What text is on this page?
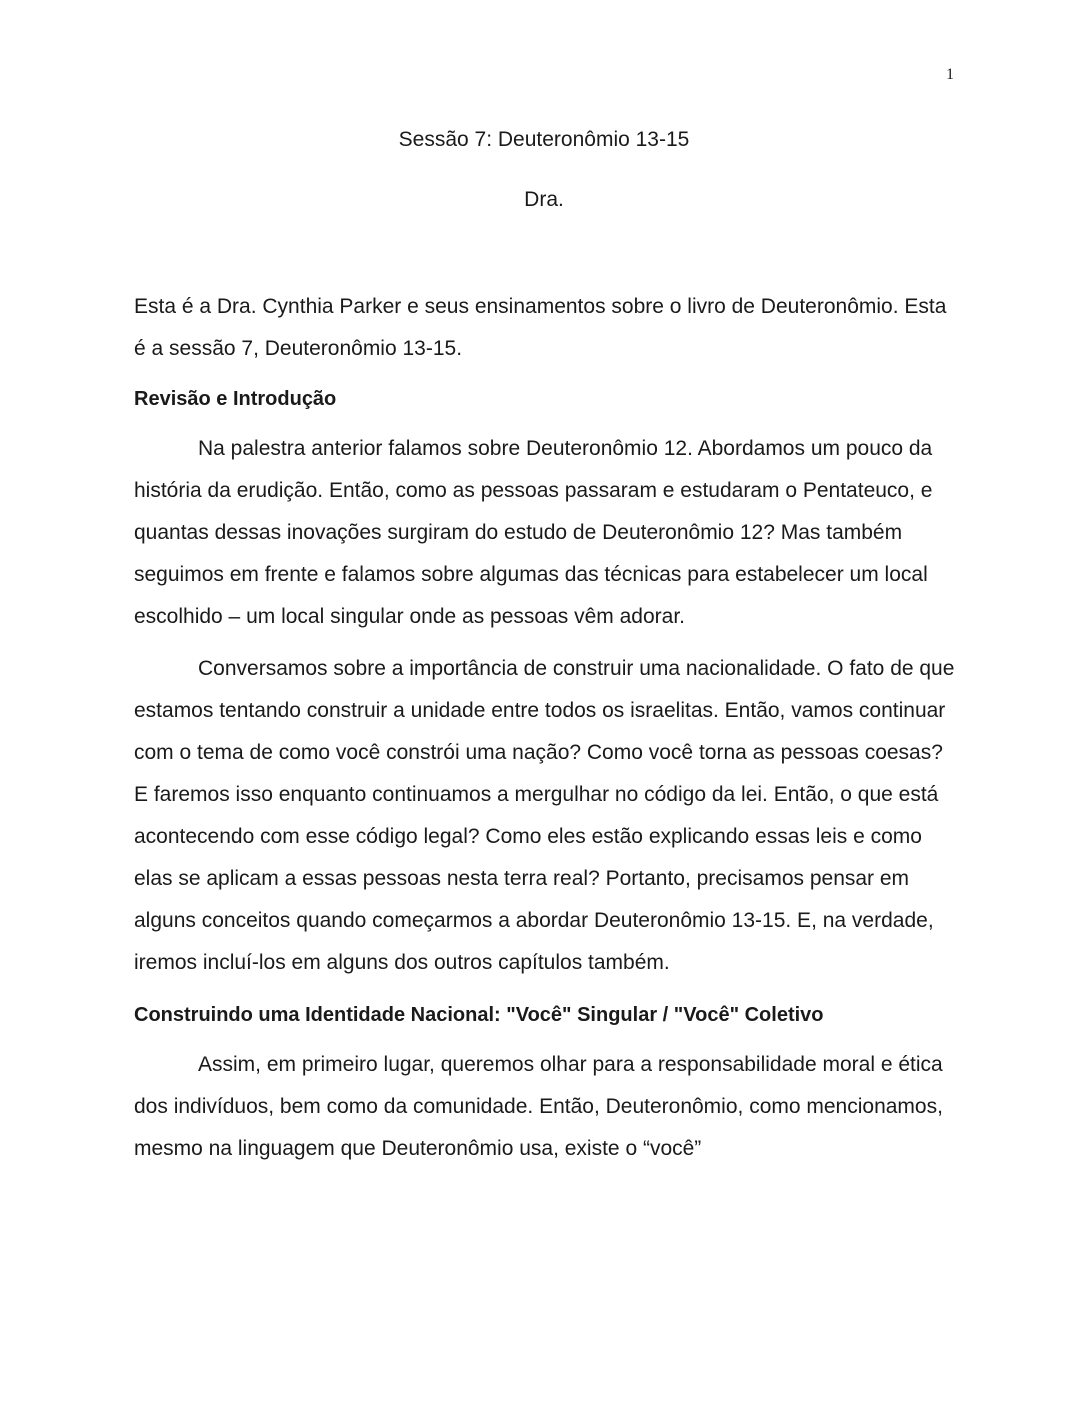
1
Sessão 7: Deuteronômio 13-15
Dra.

Esta é a Dra. Cynthia Parker e seus ensinamentos sobre o livro de Deuteronômio. Esta é a sessão 7, Deuteronômio 13-15.

Revisão e Introdução

Na palestra anterior falamos sobre Deuteronômio 12. Abordamos um pouco da história da erudição. Então, como as pessoas passaram e estudaram o Pentateuco, e quantas dessas inovações surgiram do estudo de Deuteronômio 12? Mas também seguimos em frente e falamos sobre algumas das técnicas para estabelecer um local escolhido – um local singular onde as pessoas vêm adorar.

Conversamos sobre a importância de construir uma nacionalidade. O fato de que estamos tentando construir a unidade entre todos os israelitas. Então, vamos continuar com o tema de como você constrói uma nação? Como você torna as pessoas coesas? E faremos isso enquanto continuamos a mergulhar no código da lei. Então, o que está acontecendo com esse código legal? Como eles estão explicando essas leis e como elas se aplicam a essas pessoas nesta terra real? Portanto, precisamos pensar em alguns conceitos quando começarmos a abordar Deuteronômio 13-15. E, na verdade, iremos incluí-los em alguns dos outros capítulos também.

Construindo uma Identidade Nacional: "Você" Singular / "Você" Coletivo

Assim, em primeiro lugar, queremos olhar para a responsabilidade moral e ética dos indivíduos, bem como da comunidade. Então, Deuteronômio, como mencionamos, mesmo na linguagem que Deuteronômio usa, existe o “você”
